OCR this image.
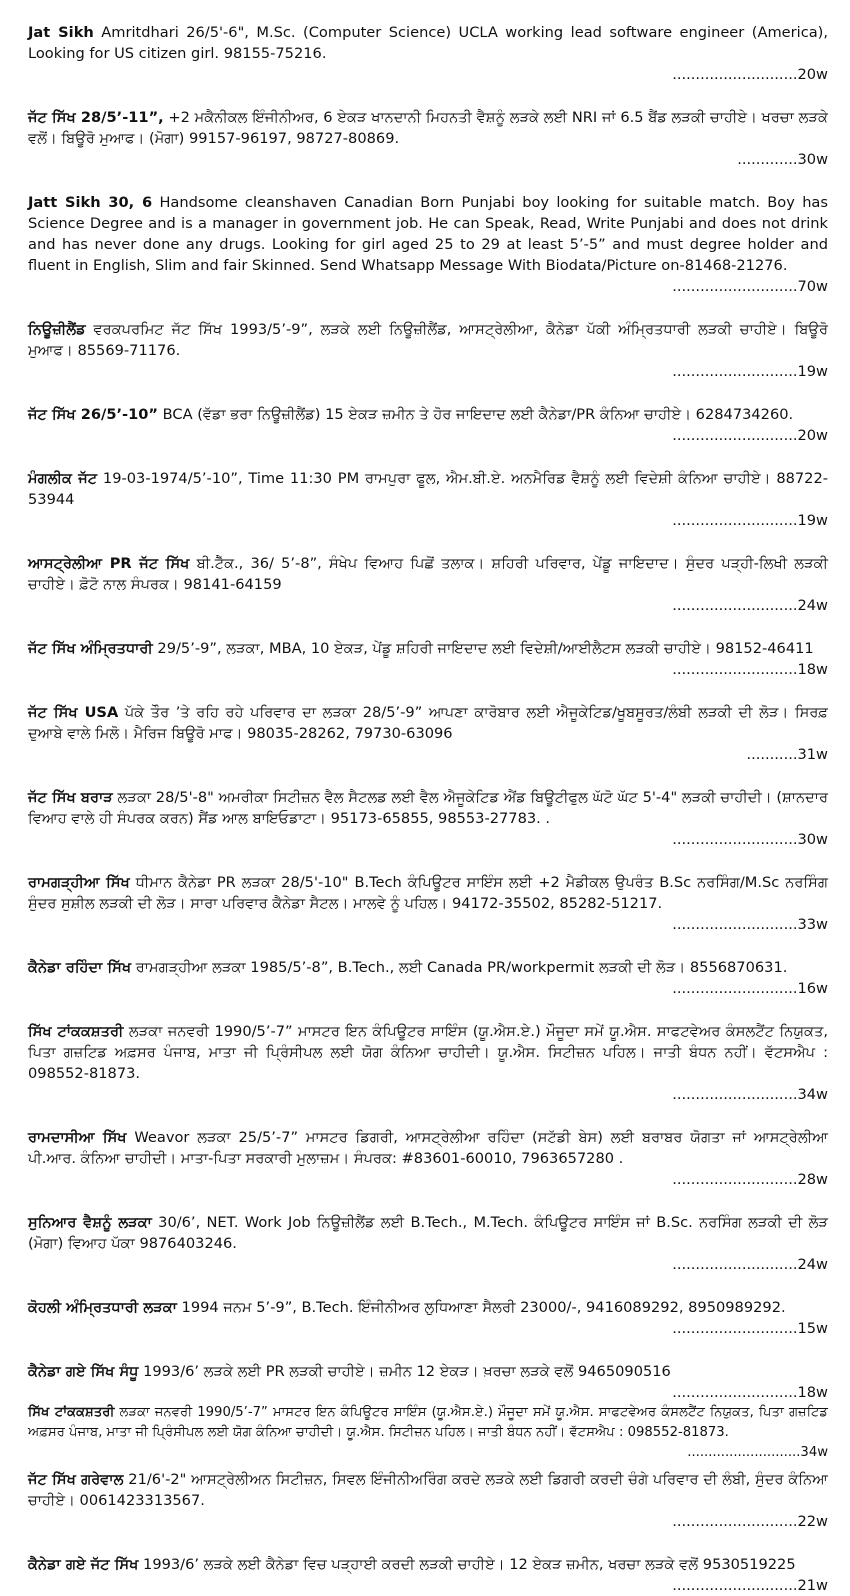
Jat Sikh Amritdhari 26/5'-6", M.Sc. (Computer Science) UCLA working lead software engineer (America), Looking for US citizen girl. 98155-75216.
...........................20w
ਜੱਟ ਸਿੱਖ 28/5’-11”, +2 ਮਕੈਨੀਕਲ ਇੰਜੀਨੀਅਰ, 6 ਏਕੜ ਖਾਨਦਾਨੀ ਮਿਹਨਤੀ ਵੈਸ਼ਨੂੰ ਲੜਕੇ ਲਈ NRI ਜਾਂ 6.5 ਬੈਂਡ ਲੜਕੀ ਚਾਹੀਏ। ਖਰਚਾ ਲੜਕੇ ਵਲੋਂ। ਬਿਊਰੋ ਮੁਆਫ। (ਮੋਗਾ) 99157-96197, 98727-80869.
.............30w
Jatt Sikh 30, 6 Handsome cleanshaven Canadian Born Punjabi boy looking for suitable match. Boy has Science Degree and is a manager in government job. He can Speak, Read, Write Punjabi and does not drink and has never done any drugs. Looking for girl aged 25 to 29 at least 5’-5” and must degree holder and fluent in English, Slim and fair Skinned. Send Whatsapp Message With Biodata/Picture on-81468-21276.
...........................70w
ਨਿਊਜ਼ੀਲੈਂਡ ਵਰਕਪਰਮਿਟ ਜੱਟ ਸਿੱਖ 1993/5’-9”, ਲੜਕੇ ਲਈ ਨਿਊਜ਼ੀਲੈਂਡ, ਆਸਟ੍ਰੇਲੀਆ, ਕੈਨੇਡਾ ਪੱਕੀ ਅੰਮ੍ਰਿਤਧਾਰੀ ਲੜਕੀ ਚਾਹੀਏ। ਬਿਊਰੋ ਮੁਆਫ। 85569-71176.
...........................19w
ਜੱਟ ਸਿੱਖ 26/5’-10” BCA (ਵੱਡਾ ਭਰਾ ਨਿਊਜ਼ੀਲੈਂਡ) 15 ਏਕੜ ਜ਼ਮੀਨ ਤੇ ਹੋਰ ਜਾਇਦਾਦ ਲਈ ਕੈਨੇਡਾ/PR ਕੰਨਿਆ ਚਾਹੀਏ। 6284734260.
...........................20w
ਮੰਗਲੀਕ ਜੱਟ 19-03-1974/5’-10”, Time 11:30 PM ਰਾਮਪੁਰਾ ਫੂਲ, ਐਮ.ਬੀ.ਏ. ਅਨਮੈਰਿਡ ਵੈਸ਼ਨੂੰ ਲਈ ਵਿਦੇਸ਼ੀ ਕੰਨਿਆ ਚਾਹੀਏ। 88722-53944
...........................19w
ਆਸਟ੍ਰੇਲੀਆ PR ਜੱਟ ਸਿੱਖ ਬੀ.ਟੈੱਕ., 36/ 5’-8”, ਸੰਖੇਪ ਵਿਆਹ ਪਿਛੋਂ ਤਲਾਕ। ਸ਼ਹਿਰੀ ਪਰਿਵਾਰ, ਪੇਂਡੂ ਜਾਇਦਾਦ। ਸੁੰਦਰ ਪੜ੍ਹੀ-ਲਿਖੀ ਲੜਕੀ ਚਾਹੀਏ। ਫ਼ੋਟੋ ਨਾਲ ਸੰਪਰਕ। 98141-64159
...........................24w
ਜੱਟ ਸਿੱਖ ਅੰਮ੍ਰਿਤਧਾਰੀ 29/5’-9”, ਲੜਕਾ, MBA, 10 ਏਕੜ, ਪੇਂਡੂ ਸ਼ਹਿਰੀ ਜਾਇਦਾਦ ਲਈ ਵਿਦੇਸ਼ੀ/ਆਈਲੈਟਸ ਲੜਕੀ ਚਾਹੀਏ। 98152-46411
...........................18w
ਜੱਟ ਸਿੱਖ USA ਪੱਕੇ ਤੌਰ ’ਤੇ ਰਹਿ ਰਹੇ ਪਰਿਵਾਰ ਦਾ ਲੜਕਾ 28/5’-9” ਆਪਣਾ ਕਾਰੋਬਾਰ ਲਈ ਐਜੂਕੇਟਿਡ/ਖੂਬਸੂਰਤ/ਲੰਬੀ ਲੜਕੀ ਦੀ ਲੋੜ। ਸਿਰਫ਼ ਦੁਆਬੇ ਵਾਲੇ ਮਿਲੋ। ਮੈਰਿਜ ਬਿਊਰੋ ਮਾਫ। 98035-28262, 79730-63096
...........31w
ਜੱਟ ਸਿੱਖ ਬਰਾੜ ਲੜਕਾ 28/5'-8" ਅਮਰੀਕਾ ਸਿਟੀਜ਼ਨ ਵੈਲ ਸੈਟਲਡ ਲਈ ਵੈਲ ਐਜੂਕੇਟਿਡ ਐਂਡ ਬਿਊਟੀਫੁਲ ਘੱਟੋ ਘੱਟ 5'-4" ਲੜਕੀ ਚਾਹੀਦੀ। (ਸ਼ਾਨਦਾਰ ਵਿਆਹ ਵਾਲੇ ਹੀ ਸੰਪਰਕ ਕਰਨ) ਸੈਂਡ ਆਲ ਬਾਇਓਡਾਟਾ। 95173-65855, 98553-27783. .
...........................30w
ਰਾਮਗੜ੍ਹੀਆ ਸਿੱਖ ਧੀਮਾਨ ਕੈਨੇਡਾ PR ਲੜਕਾ 28/5'-10" B.Tech ਕੰਪਿਊਟਰ ਸਾਇੰਸ ਲਈ +2 ਮੈਡੀਕਲ ਉਪਰੰਤ B.Sc ਨਰਸਿੰਗ/M.Sc ਨਰਸਿੰਗ ਸੁੰਦਰ ਸੁਸ਼ੀਲ ਲੜਕੀ ਦੀ ਲੋੜ। ਸਾਰਾ ਪਰਿਵਾਰ ਕੈਨੇਡਾ ਸੈਟਲ। ਮਾਲਵੇ ਨੂੰ ਪਹਿਲ। 94172-35502, 85282-51217.
...........................33w
ਕੈਨੇਡਾ ਰਹਿੰਦਾ ਸਿੱਖ ਰਾਮਗੜ੍ਹੀਆ ਲੜਕਾ 1985/5’-8”, B.Tech., ਲਈ Canada PR/workpermit ਲੜਕੀ ਦੀ ਲੋੜ। 8556870631.
...........................16w
ਸਿੱਖ ਟਾਂਕਕਸ਼ਤਰੀ ਲੜਕਾ ਜਨਵਰੀ 1990/5’-7” ਮਾਸਟਰ ਇਨ ਕੰਪਿਊਟਰ ਸਾਇੰਸ (ਯੂ.ਐਸ.ਏ.) ਮੌਜੂਦਾ ਸਮੇਂ ਯੂ.ਐਸ. ਸਾਫਟਵੇਅਰ ਕੰਸਲਟੈਂਟ ਨਿਯੁਕਤ, ਪਿਤਾ ਗਜ਼ਟਿਡ ਅਫ਼ਸਰ ਪੰਜਾਬ, ਮਾਤਾ ਜੀ ਪ੍ਰਿੰਸੀਪਲ ਲਈ ਯੋਗ ਕੰਨਿਆ ਚਾਹੀਦੀ। ਯੂ.ਐਸ. ਸਿਟੀਜ਼ਨ ਪਹਿਲ। ਜਾਤੀ ਬੰਧਨ ਨਹੀਂ। ਵੱਟਸਐਪ : 098552-81873.
...........................34w
ਰਾਮਦਾਸੀਆ ਸਿੱਖ Weavor ਲੜਕਾ 25/5’-7” ਮਾਸਟਰ ਡਿਗਰੀ, ਆਸਟ੍ਰੇਲੀਆ ਰਹਿੰਦਾ (ਸਟੱਡੀ ਬੇਸ) ਲਈ ਬਰਾਬਰ ਯੋਗਤਾ ਜਾਂ ਆਸਟ੍ਰੇਲੀਆ ਪੀ.ਆਰ. ਕੰਨਿਆ ਚਾਹੀਦੀ। ਮਾਤਾ-ਪਿਤਾ ਸਰਕਾਰੀ ਮੁਲਾਜ਼ਮ। ਸੰਪਰਕ: #83601-60010, 7963657280 .
...........................28w
ਸੁਨਿਆਰ ਵੈਸ਼ਨੂੰ ਲੜਕਾ 30/6’, NET. Work Job ਨਿਊਜ਼ੀਲੈਂਡ ਲਈ B.Tech., M.Tech. ਕੰਪਿਊਟਰ ਸਾਇੰਸ ਜਾਂ B.Sc. ਨਰਸਿੰਗ ਲੜਕੀ ਦੀ ਲੋੜ (ਮੋਗਾ) ਵਿਆਹ ਪੱਕਾ 9876403246.
...........................24w
ਕੋਹਲੀ ਅੰਮ੍ਰਿਤਧਾਰੀ ਲੜਕਾ 1994 ਜਨਮ 5’-9”, B.Tech. ਇੰਜੀਨੀਅਰ ਲੁਧਿਆਣਾ ਸੈਲਰੀ 23000/-, 9416089292, 8950989292.
...........................15w
ਕੈਨੇਡਾ ਗਏ ਸਿੱਖ ਸੰਧੂ 1993/6’ ਲੜਕੇ ਲਈ PR ਲੜਕੀ ਚਾਹੀਏ। ਜ਼ਮੀਨ 12 ਏਕੜ। ਖ਼ਰਚਾ ਲੜਕੇ ਵਲੋਂ 9465090516
...........................18w
ਸਿੱਖ ਟਾਂਕਕਸ਼ਤਰੀ ਲੜਕਾ ਜਨਵਰੀ 1990/5’-7” ਮਾਸਟਰ ਇਨ ਕੰਪਿਊਟਰ ਸਾਇੰਸ (ਯੂ.ਐਸ.ਏ.) ਮੌਜੂਦਾ ਸਮੇਂ ਯੂ.ਐਸ. ਸਾਫਟਵੇਅਰ ਕੰਸਲਟੈਂਟ ਨਿਯੁਕਤ, ਪਿਤਾ ਗਜ਼ਟਿਡ ਅਫ਼ਸਰ ਪੰਜਾਬ, ਮਾਤਾ ਜੀ ਪ੍ਰਿੰਸੀਪਲ ਲਈ ਯੋਗ ਕੰਨਿਆ ਚਾਹੀਦੀ। ਯੂ.ਐਸ. ਸਿਟੀਜ਼ਨ ਪਹਿਲ। ਜਾਤੀ ਬੰਧਨ ਨਹੀਂ। ਵੱਟਸਐਪ : 098552-81873.
...........................34w
ਜੱਟ ਸਿੱਖ ਗਰੇਵਾਲ 21/6'-2" ਆਸਟ੍ਰੇਲੀਅਨ ਸਿਟੀਜ਼ਨ, ਸਿਵਲ ਇੰਜੀਨੀਅਰਿੰਗ ਕਰਦੇ ਲੜਕੇ ਲਈ ਡਿਗਰੀ ਕਰਦੀ ਚੰਗੇ ਪਰਿਵਾਰ ਦੀ ਲੰਬੀ, ਸੁੰਦਰ ਕੰਨਿਆ ਚਾਹੀਏ। 0061423313567.
...........................22w
ਕੈਨੇਡਾ ਗਏ ਜੱਟ ਸਿੱਖ 1993/6’ ਲੜਕੇ ਲਈ ਕੈਨੇਡਾ ਵਿਚ ਪੜ੍ਹਾਈ ਕਰਦੀ ਲੜਕੀ ਚਾਹੀਏ। 12 ਏਕੜ ਜ਼ਮੀਨ, ਖਰਚਾ ਲੜਕੇ ਵਲੋਂ 9530519225
...........................21w
